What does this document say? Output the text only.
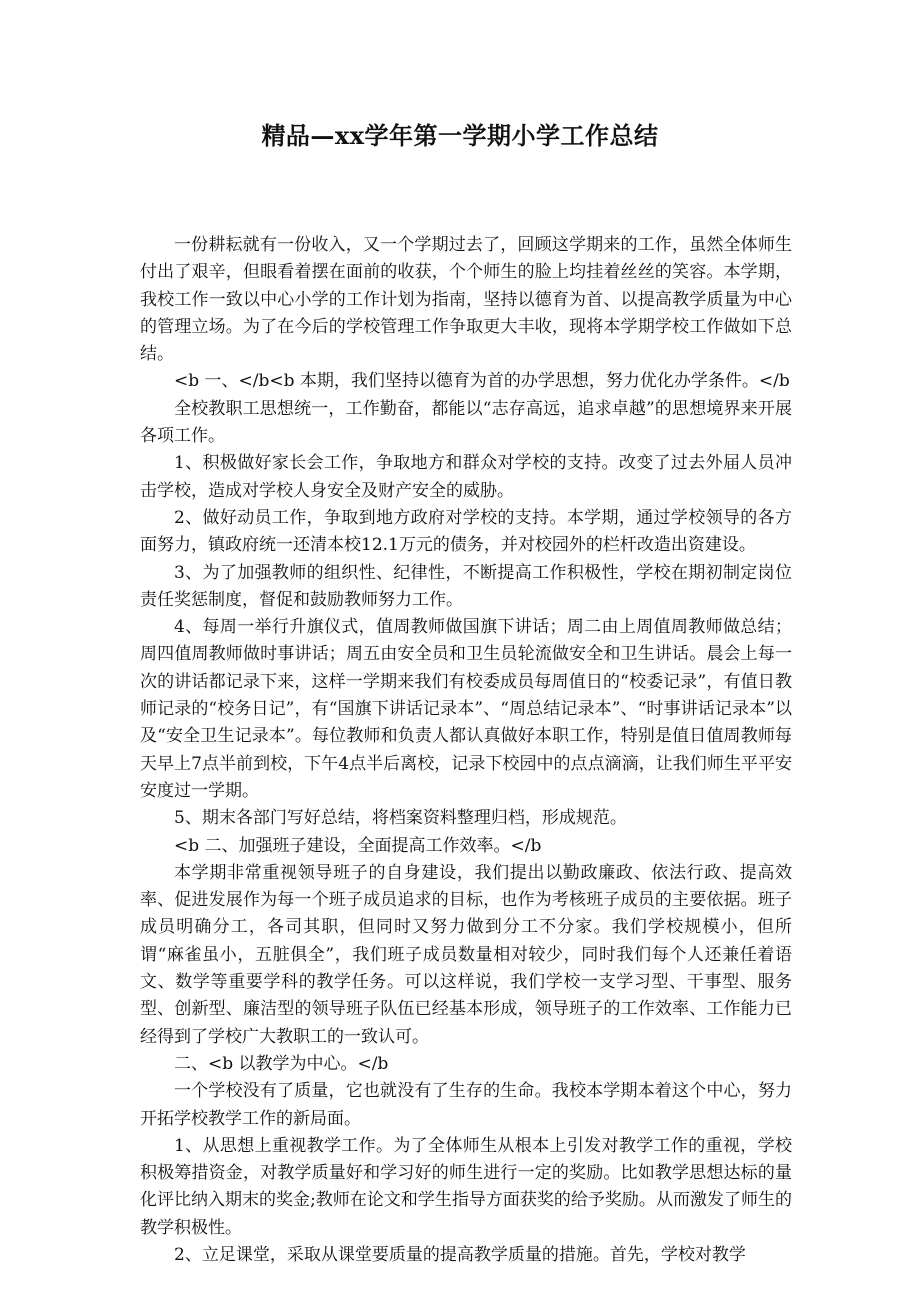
精品—xx学年第一学期小学工作总结

一份耕耘就有一份收入，又一个学期过去了，回顾这学期来的工作，虽然全体师生付出了艰辛，但眼看着摆在面前的收获，个个师生的脸上均挂着丝丝的笑容。本学期，我校工作一致以中心小学的工作计划为指南，坚持以德育为首、以提高教学质量为中心的管理立场。为了在今后的学校管理工作争取更大丰收，现将本学期学校工作做如下总结。

<b 一、</b<b 本期，我们坚持以德育为首的办学思想，努力优化办学条件。</b

全校教职工思想统一，工作勤奋，都能以“志存高远，追求卓越”的思想境界来开展各项工作。

1、积极做好家长会工作，争取地方和群众对学校的支持。改变了过去外届人员冲击学校，造成对学校人身安全及财产安全的威胁。

2、做好动员工作，争取到地方政府对学校的支持。本学期，通过学校领导的各方面努力，镇政府统一还清本校12.1万元的债务，并对校园外的栏杆改造出资建设。

3、为了加强教师的组织性、纪律性，不断提高工作积极性，学校在期初制定岗位责任奖惩制度，督促和鼓励教师努力工作。

4、每周一举行升旗仪式，值周教师做国旗下讲话；周二由上周值周教师做总结；周四值周教师做时事讲话；周五由安全员和卫生员轮流做安全和卫生讲话。晨会上每一次的讲话都记录下来，这样一学期来我们有校委成员每周值日的“校委记录”，有值日教师记录的“校务日记”，有“国旗下讲话记录本”、“周总结记录本”、“时事讲话记录本”以及“安全卫生记录本”。每位教师和负责人都认真做好本职工作，特别是值日值周教师每天早上7点半前到校，下午4点半后离校，记录下校园中的点点滴滴，让我们师生平平安安度过一学期。

5、期末各部门写好总结，将档案资料整理归档，形成规范。

<b 二、加强班子建设，全面提高工作效率。</b

本学期非常重视领导班子的自身建设，我们提出以勤政廉政、依法行政、提高效率、促进发展作为每一个班子成员追求的目标，也作为考核班子成员的主要依据。班子成员明确分工，各司其职，但同时又努力做到分工不分家。我们学校规模小，但所谓“麻雀虽小，五脏俱全”，我们班子成员数量相对较少，同时我们每个人还兼任着语文、数学等重要学科的教学任务。可以这样说，我们学校一支学习型、干事型、服务型、创新型、廉洁型的领导班子队伍已经基本形成，领导班子的工作效率、工作能力已经得到了学校广大教职工的一致认可。

二、<b 以教学为中心。</b

一个学校没有了质量，它也就没有了生存的生命。我校本学期本着这个中心，努力开拓学校教学工作的新局面。

1、从思想上重视教学工作。为了全体师生从根本上引发对教学工作的重视，学校积极筹措资金，对教学质量好和学习好的师生进行一定的奖励。比如教学思想达标的量化评比纳入期末的奖金;教师在论文和学生指导方面获奖的给予奖励。从而激发了师生的教学积极性。

2、立足课堂，采取从课堂要质量的提高教学质量的措施。首先，学校对教学
